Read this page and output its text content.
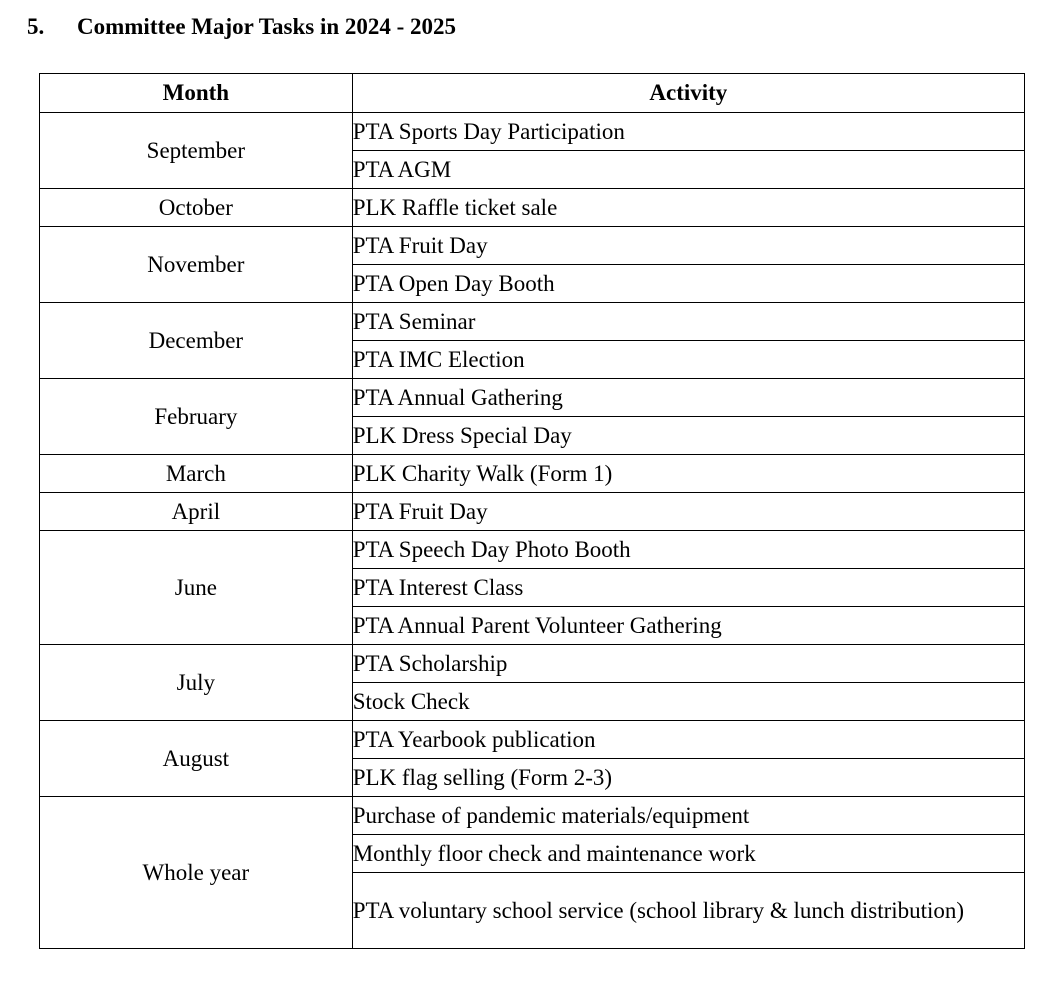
5. Committee Major Tasks in 2024 - 2025
Month	Activity
September	PTA Sports Day Participation
	PTA AGM
October	PLK Raffle ticket sale
November	PTA Fruit Day
	PTA Open Day Booth
December	PTA Seminar
	PTA IMC Election
February	PTA Annual Gathering
	PLK Dress Special Day
March	PLK Charity Walk (Form 1)
April	PTA Fruit Day
June	PTA Speech Day Photo Booth
	PTA Interest Class
	PTA Annual Parent Volunteer Gathering
July	PTA Scholarship
	Stock Check
August	PTA Yearbook publication
	PLK flag selling (Form 2-3)
Whole year	Purchase of pandemic materials/equipment
	Monthly floor check and maintenance work
	PTA voluntary school service (school library & lunch distribution)
